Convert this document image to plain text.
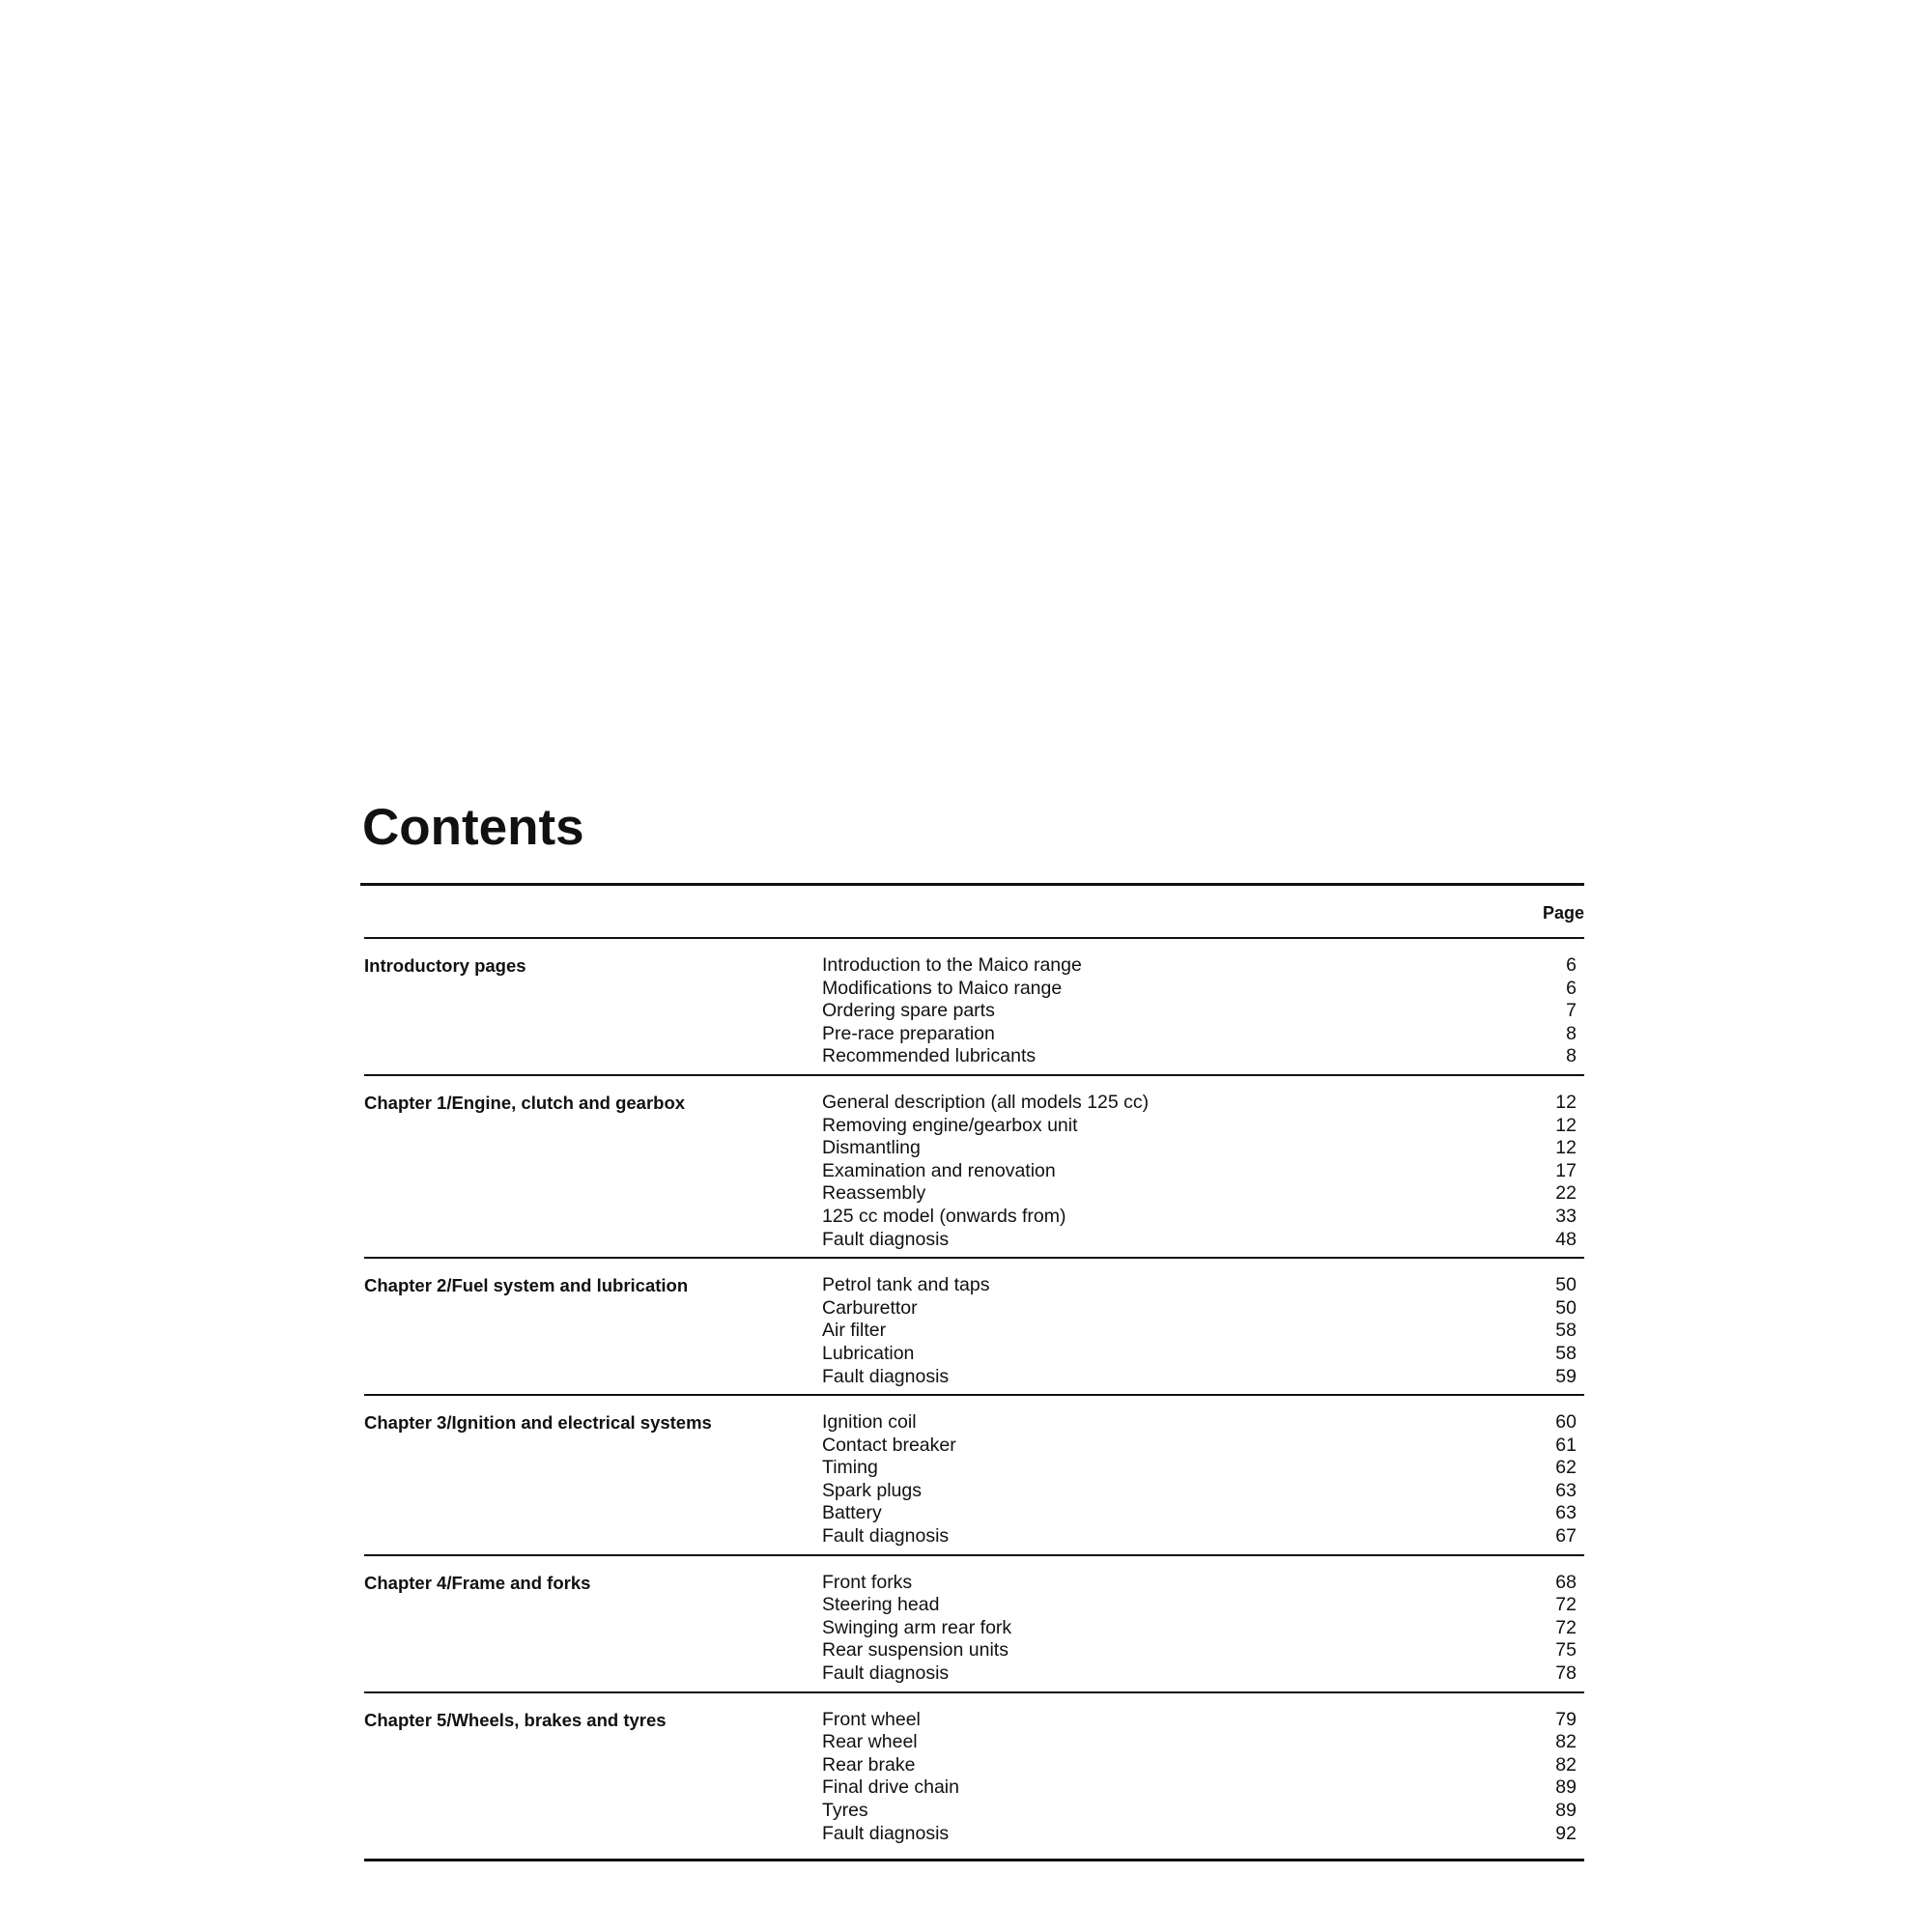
Contents
Page
Introductory pages	Introduction to the Maico range	6
Modifications to Maico range	6
Ordering spare parts	7
Pre-race preparation	8
Recommended lubricants	8
Chapter 1/Engine, clutch and gearbox	General description (all models 125 cc)	12
Removing engine/gearbox unit	12
Dismantling	12
Examination and renovation	17
Reassembly	22
125 cc model (onwards from)	33
Fault diagnosis	48
Chapter 2/Fuel system and lubrication	Petrol tank and taps	50
Carburettor	50
Air filter	58
Lubrication	58
Fault diagnosis	59
Chapter 3/Ignition and electrical systems	Ignition coil	60
Contact breaker	61
Timing	62
Spark plugs	63
Battery	63
Fault diagnosis	67
Chapter 4/Frame and forks	Front forks	68
Steering head	72
Swinging arm rear fork	72
Rear suspension units	75
Fault diagnosis	78
Chapter 5/Wheels, brakes and tyres	Front wheel	79
Rear wheel	82
Rear brake	82
Final drive chain	89
Tyres	89
Fault diagnosis	92
